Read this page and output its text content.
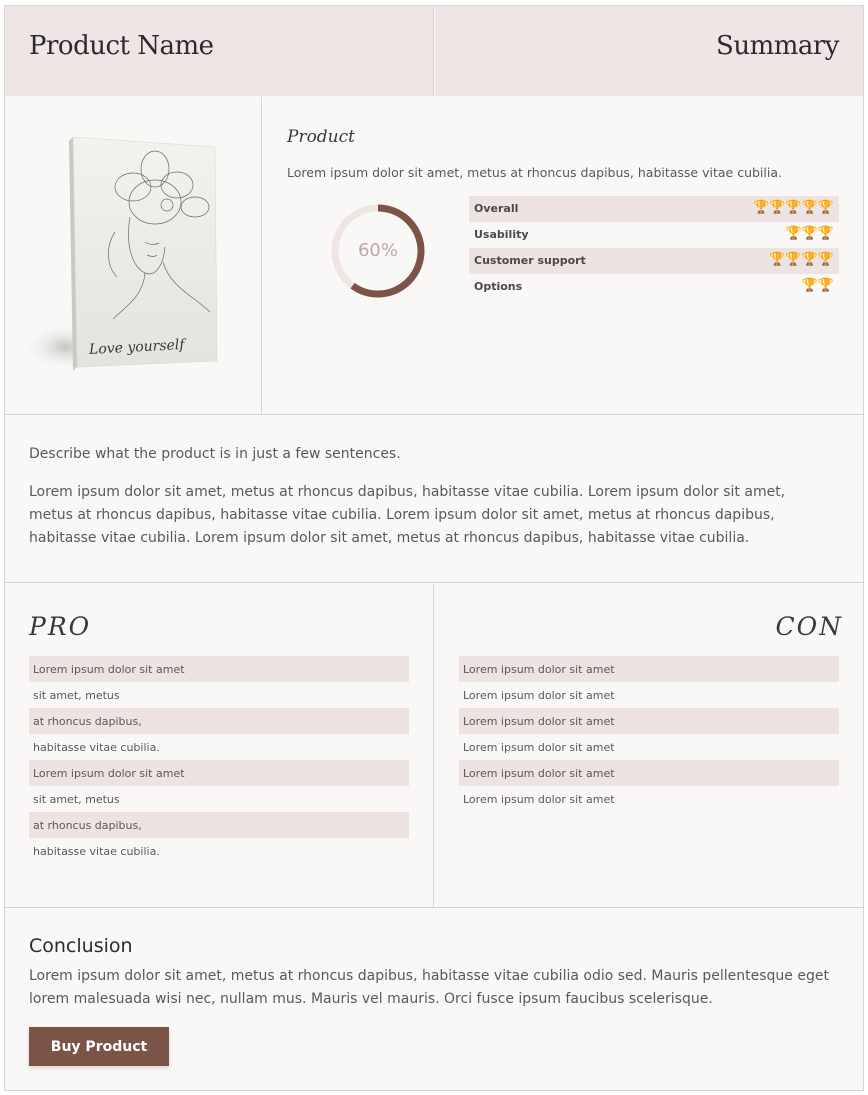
Product Name	Summary
Love yourself
Product
Lorem ipsum dolor sit amet, metus at rhoncus dapibus, habitasse vitae cubilia.
60%
Overall	🏆🏆🏆🏆🏆
Usability	🏆🏆🏆
Customer support	🏆🏆🏆🏆
Options	🏆🏆
Describe what the product is in just a few sentences.
Lorem ipsum dolor sit amet, metus at rhoncus dapibus, habitasse vitae cubilia. Lorem ipsum dolor sit amet, metus at rhoncus dapibus, habitasse vitae cubilia. Lorem ipsum dolor sit amet, metus at rhoncus dapibus, habitasse vitae cubilia. Lorem ipsum dolor sit amet, metus at rhoncus dapibus, habitasse vitae cubilia.
PRO
Lorem ipsum dolor sit amet
sit amet, metus
at rhoncus dapibus,
habitasse vitae cubilia.
Lorem ipsum dolor sit amet
sit amet, metus
at rhoncus dapibus,
habitasse vitae cubilia.
CON
Lorem ipsum dolor sit amet
Lorem ipsum dolor sit amet
Lorem ipsum dolor sit amet
Lorem ipsum dolor sit amet
Lorem ipsum dolor sit amet
Lorem ipsum dolor sit amet
Conclusion
Lorem ipsum dolor sit amet, metus at rhoncus dapibus, habitasse vitae cubilia odio sed. Mauris pellentesque eget lorem malesuada wisi nec, nullam mus. Mauris vel mauris. Orci fusce ipsum faucibus scelerisque.
Buy Product
